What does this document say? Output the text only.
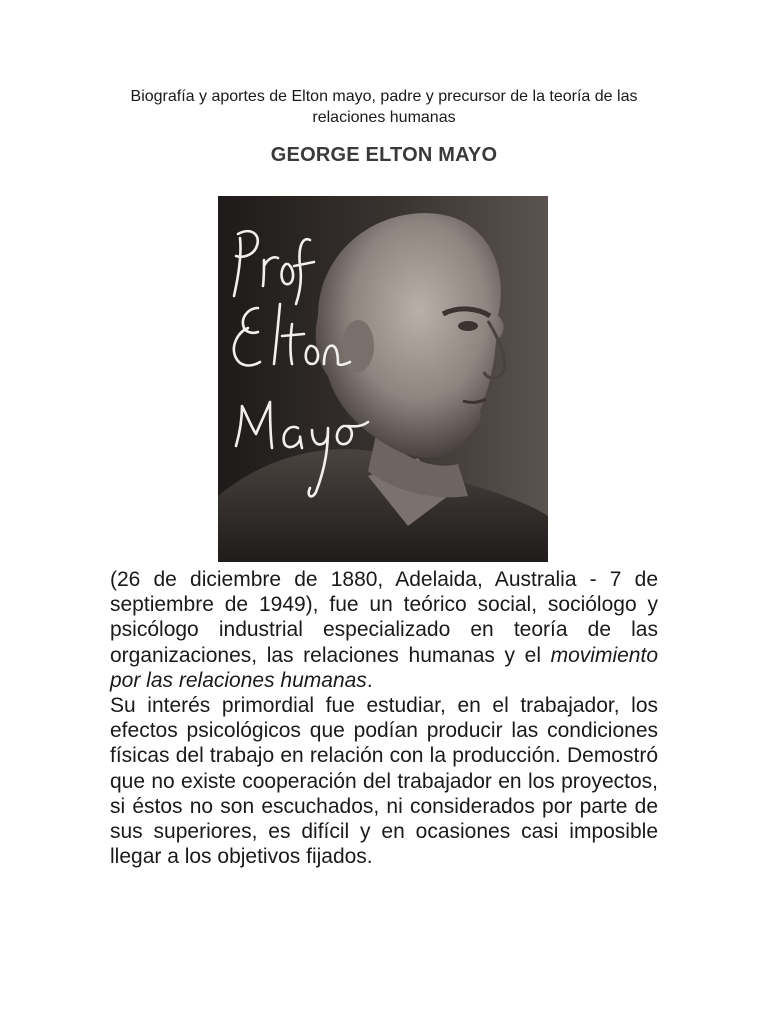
Biografía y aportes de Elton mayo, padre y precursor de la teoría de las relaciones humanas
GEORGE ELTON MAYO

(26 de diciembre de 1880, Adelaida, Australia - 7 de septiembre de 1949), fue un teórico social, sociólogo y psicólogo industrial especializado en teoría de las organizaciones, las relaciones humanas y el movimiento por las relaciones humanas.

Su interés primordial fue estudiar, en el trabajador, los efectos psicológicos que podían producir las condiciones físicas del trabajo en relación con la producción. Demostró que no existe cooperación del trabajador en los proyectos, si éstos no son escuchados, ni considerados por parte de sus superiores, es difícil y en ocasiones casi imposible llegar a los objetivos fijados.
